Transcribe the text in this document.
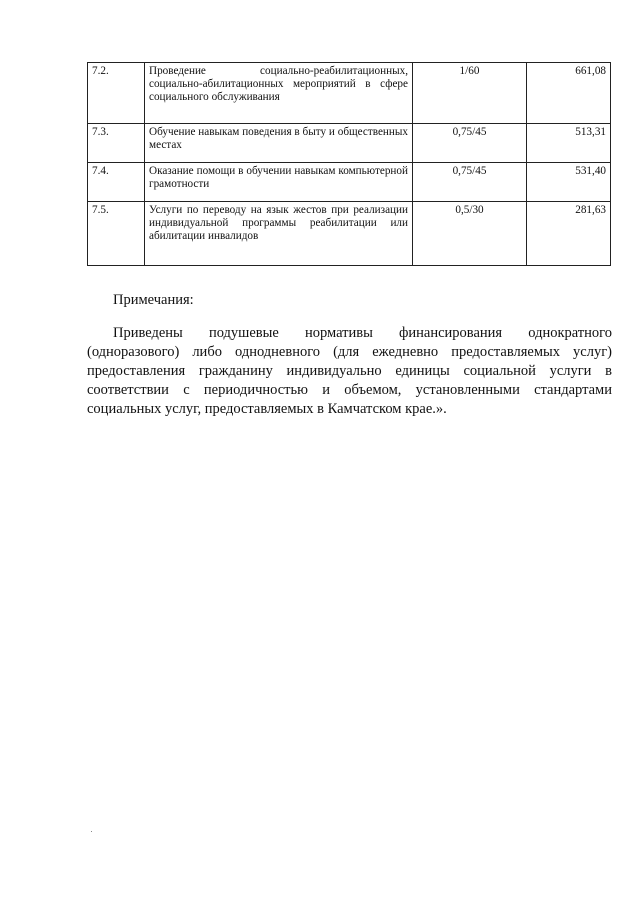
7.2.	Проведение социально-реабилитационных, социально-абилитационных мероприятий в сфере социального обслуживания	1/60	661,08
7.3.	Обучение навыкам поведения в быту и общественных местах	0,75/45	513,31
7.4.	Оказание помощи в обучении навыкам компьютерной грамотности	0,75/45	531,40
7.5.	Услуги по переводу на язык жестов при реализации индивидуальной программы реабилитации или абилитации инвалидов	0,5/30	281,63

Примечания:

Приведены подушевые нормативы финансирования однократного (одноразового) либо однодневного (для ежедневно предоставляемых услуг) предоставления гражданину индивидуально единицы социальной услуги в соответствии с периодичностью и объемом, установленными стандартами социальных услуг, предоставляемых в Камчатском крае.».
